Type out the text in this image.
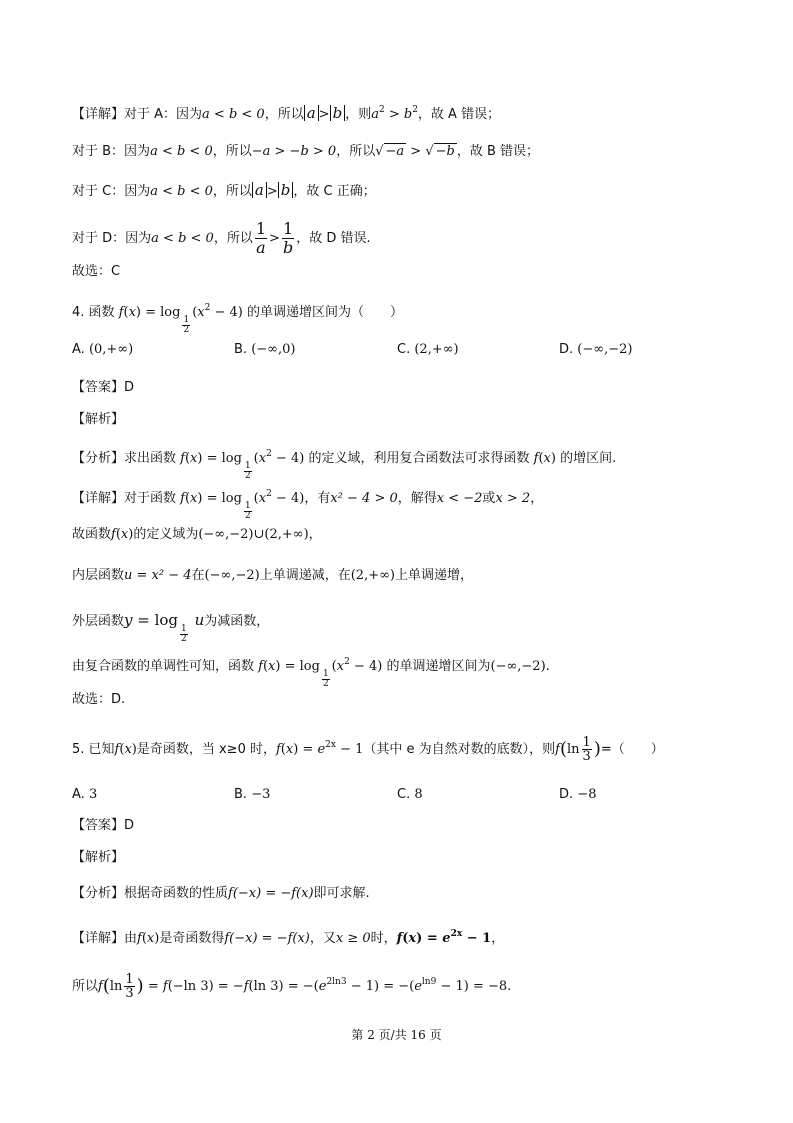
【详解】对于 A：因为a < b < 0，所以 a > b ，则$a^2 > b^2$，故 A 错误；
对于 B：因为a < b < 0，所以−a > −b > 0，所以√ −a > √ −b ，故 B 错误；
对于 C：因为a < b < 0，所以 a > b ，故 C 正确；
对于 D：因为a < b < 0，所以 $\frac{1}{a} > \frac{1}{b}$ ，故 D 错误.
故选：C
4. 函数 f(x) = log
$_{\frac{1}{2}}$
$(x^2 - 4)$ 的单调递增区间为（　　）
A. (0,+∞)	B. (−∞,0)	C. (2,+∞)	D. (−∞,−2)
【答案】D
【解析】
【分析】求出函数 f(x) = log
$_{\frac{1}{2}}$
$(x^2 - 4)$ 的定义域，利用复合函数法可求得函数 f(x) 的增区间.
【详解】对于函数 f(x) = log
$_{\frac{1}{2}}$
$(x^2 - 4)$，有x² − 4 > 0，解得x < −2或x > 2，
故函数f(x)的定义域为(−∞,−2)∪(2,+∞)，
内层函数u = x² − 4在(−∞,−2)上单调递减，在(2,+∞)上单调递增，
外层函数y = log
$_{\frac{1}{2}}$
u为减函数，
由复合函数的单调性可知，函数 f(x) = log
$_{\frac{1}{2}}$
$(x^2 - 4)$ 的单调递增区间为(−∞,−2).
故选：D.
5. 已知f(x)是奇函数，当 x≥0 时，$f(x) = e^{2x} - 1$（其中 e 为自然对数的底数），则$f(\ln \frac{1}{3}$ )=（　　）
A. 3	B. −3	C. 8	D. −8
【答案】D
【解析】
【分析】根据奇函数的性质f(−x) = −f(x)即可求解.
【详解】由f(x)是奇函数得f(−x) = −f(x)，又x ≥ 0时，$f(x) = e^{2x} - 1$，
所以$f(\ln \frac{1}{3}$ ) = f(−ln 3) = −f(ln $3) = -(e^{2ln3} - 1) = -(e^{ln9} - 1) = -8$.
第 2 页/共 16 页
